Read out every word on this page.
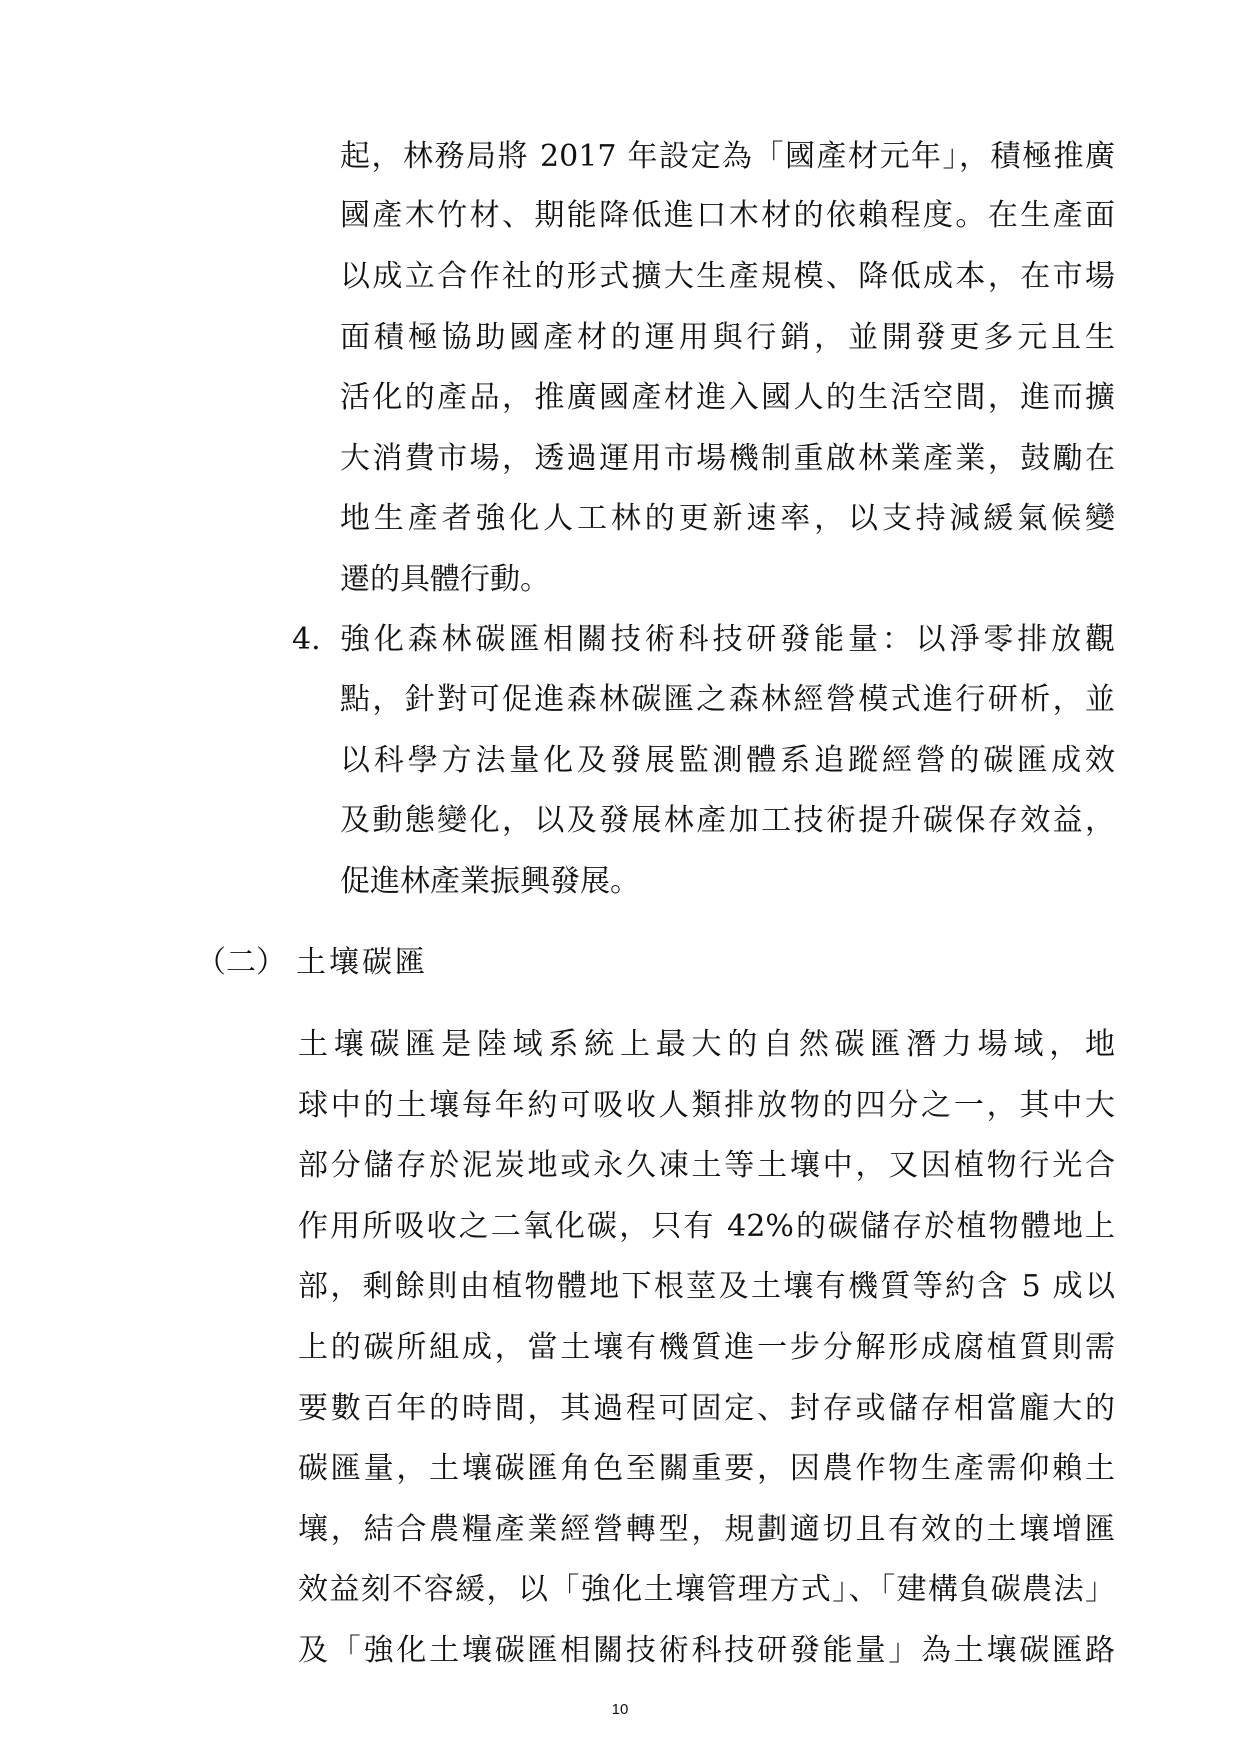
起，林務局將 2017 年設定為「國產材元年」，積極推廣
國產木竹材、期能降低進口木材的依賴程度。在生產面
以成立合作社的形式擴大生產規模、降低成本，在市場
面積極協助國產材的運用與行銷，並開發更多元且生
活化的產品，推廣國產材進入國人的生活空間，進而擴
大消費市場，透過運用市場機制重啟林業產業，鼓勵在
地生產者強化人工林的更新速率，以支持減緩氣候變
遷的具體行動。
4. 強化森林碳匯相關技術科技研發能量：以淨零排放觀
點，針對可促進森林碳匯之森林經營模式進行研析，並
以科學方法量化及發展監測體系追蹤經營的碳匯成效
及動態變化，以及發展林產加工技術提升碳保存效益，
促進林產業振興發展。
（二） 土壤碳匯
土壤碳匯是陸域系統上最大的自然碳匯潛力場域，地
球中的土壤每年約可吸收人類排放物的四分之一，其中大
部分儲存於泥炭地或永久凍土等土壤中，又因植物行光合
作用所吸收之二氧化碳，只有 42%的碳儲存於植物體地上
部，剩餘則由植物體地下根莖及土壤有機質等約含 5 成以
上的碳所組成，當土壤有機質進一步分解形成腐植質則需
要數百年的時間，其過程可固定、封存或儲存相當龐大的
碳匯量，土壤碳匯角色至關重要，因農作物生產需仰賴土
壤，結合農糧產業經營轉型，規劃適切且有效的土壤增匯
效益刻不容緩，以「強化土壤管理方式」、「建構負碳農法」
及「強化土壤碳匯相關技術科技研發能量」為土壤碳匯路
10
